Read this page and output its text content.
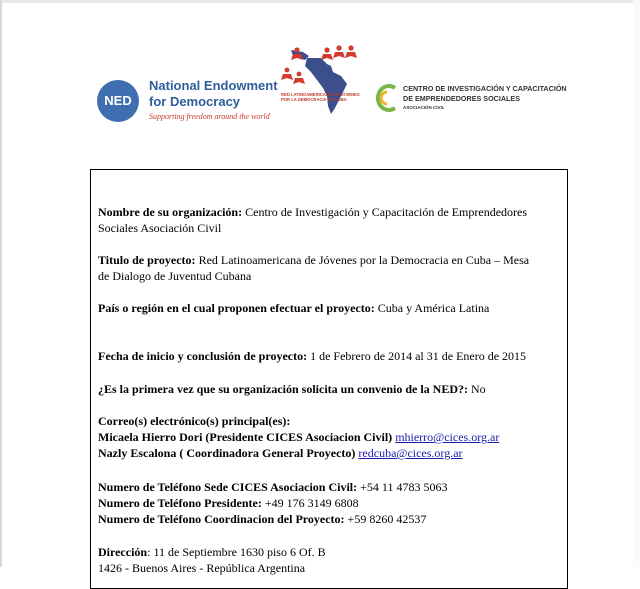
NED
National Endowment
for Democracy
Supporting freedom around the world
RED LATINOAMERICANA DE JÓVENES
POR LA DEMOCRACIA EN CUBA
CENTRO DE INVESTIGACIÓN Y CAPACITACIÓN
DE EMPRENDEDORES SOCIALES
ASOCIACIÓN CIVIL
Nombre de su organización: Centro de Investigación y Capacitación de Emprendedores
Sociales Asociación Civil
Titulo de proyecto: Red Latinoamericana de Jóvenes por la Democracia en Cuba – Mesa
de Dialogo de Juventud Cubana
País o región en el cual proponen efectuar el proyecto: Cuba y América Latina
Fecha de inicio y conclusión de proyecto: 1 de Febrero de 2014 al 31 de Enero de 2015
¿Es la primera vez que su organización solicita un convenio de la NED?: No
Correo(s) electrónico(s) principal(es):
Micaela Hierro Dori (Presidente CICES Asociacion Civil) mhierro@cices.org.ar
Nazly Escalona ( Coordinadora General Proyecto) redcuba@cices.org.ar
Numero de Teléfono Sede CICES Asociacion Civil: +54 11 4783 5063
Numero de Teléfono Presidente: +49 176 3149 6808
Numero de Teléfono Coordinacion del Proyecto: +59 8260 42537
Dirección: 11 de Septiembre 1630 piso 6 Of. B
1426 - Buenos Aires - República Argentina
